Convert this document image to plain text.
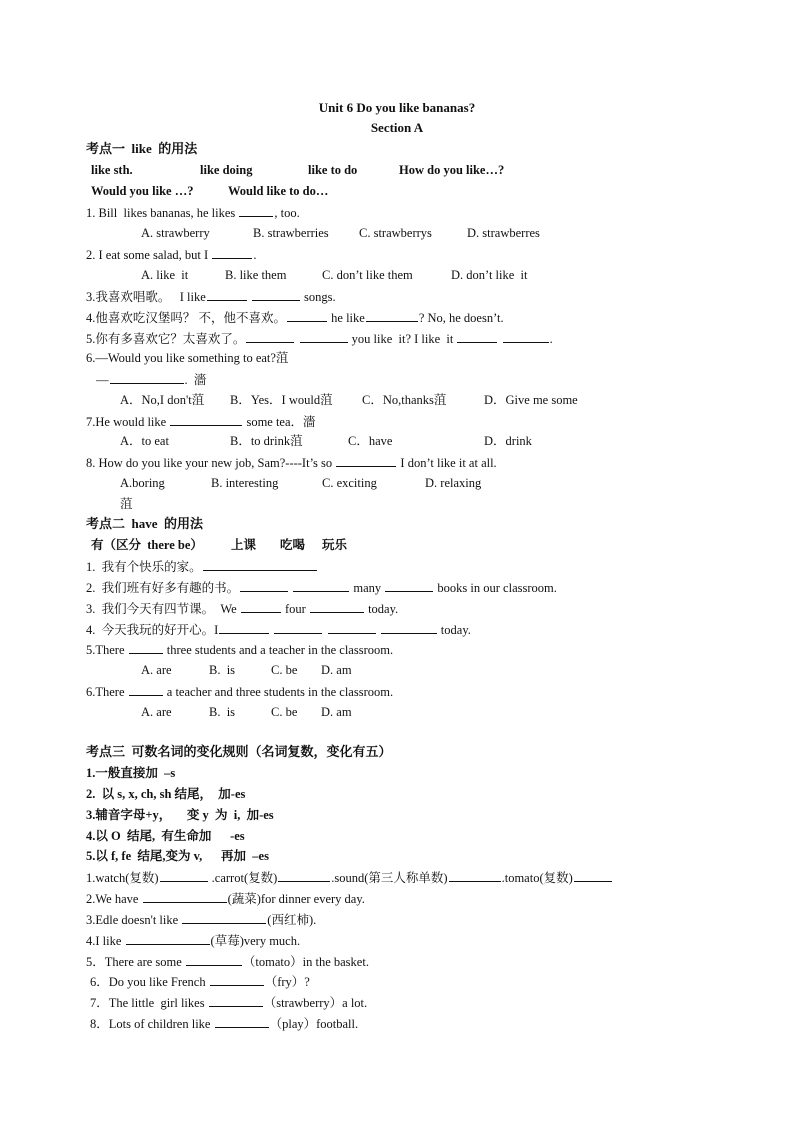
Unit 6 Do you like bananas?
Section A
考点一  like  的用法
like sth.	like doing	like to do	How do you like…?
Would you like …?	Would like to do…
1. Bill  likes bananas, he likes	, too.
A. strawberry	B. strawberries C. strawberrys	D. strawberres
2. I eat some salad, but I	.
A. like  it	B. like them	C. don’t like them	D. don’t like  it
3.我喜欢唱歌。   I like	songs.
4.他喜欢吃汉堡吗？ 不，他不喜欢。	he like	? No, he doesn’t.
5.你有多喜欢它？太喜欢了。	you like  it? I like  it	.
6.—Would you like something to eat?菹
—	.  濇
A．No,I don't菹 B．Yes．I would菹 C．No,thanks菹	D．Give me some
7.He would like	some tea．濇
A．to eat	B．to drink菹	C．have	D．drink
8. How do you like your new job, Sam?----It’s so	I don’t like it at all.
A.boring	B. interesting	C. exciting	D. relaxing
菹
考点二  have  的用法
有（区分  there be） 上课 吃喝 玩乐
1.  我有个快乐的家。
2.  我们班有好多有趣的书。	many	books in our classroom.
3.  我们今天有四节课。  We	four	today.
4.  今天我玩的好开心。I	today.
5.There	three students and a teacher in the classroom.
A. are	B.  is	C. be D. am
6.There	a teacher and three students in the classroom.
A. are	B.  is	C. be D. am
考点三  可数名词的变化规则（名词复数，变化有五）
1.一般直接加  –s
2.  以 s, x, ch, sh 结尾，  加-es
3.辅音字母+y，     变 y  为  i,  加-es
4.以 O  结尾,  有生命加      -es
5.以 f, fe  结尾,变为 v,      再加  –es
1.watch(复数)	.carrot(复数)	.sound(第三人称单数)	.tomato(复数)
2.We have	(蔬菜)for dinner every day.
3.Edle doesn't like	(西红柿).
4.I like	(草莓)very much.
5．There are some	（tomato）in the basket.
6．Do you like French	（fry）?
7．The little  girl likes	（strawberry）a lot.
8．Lots of children like	（play）football.
